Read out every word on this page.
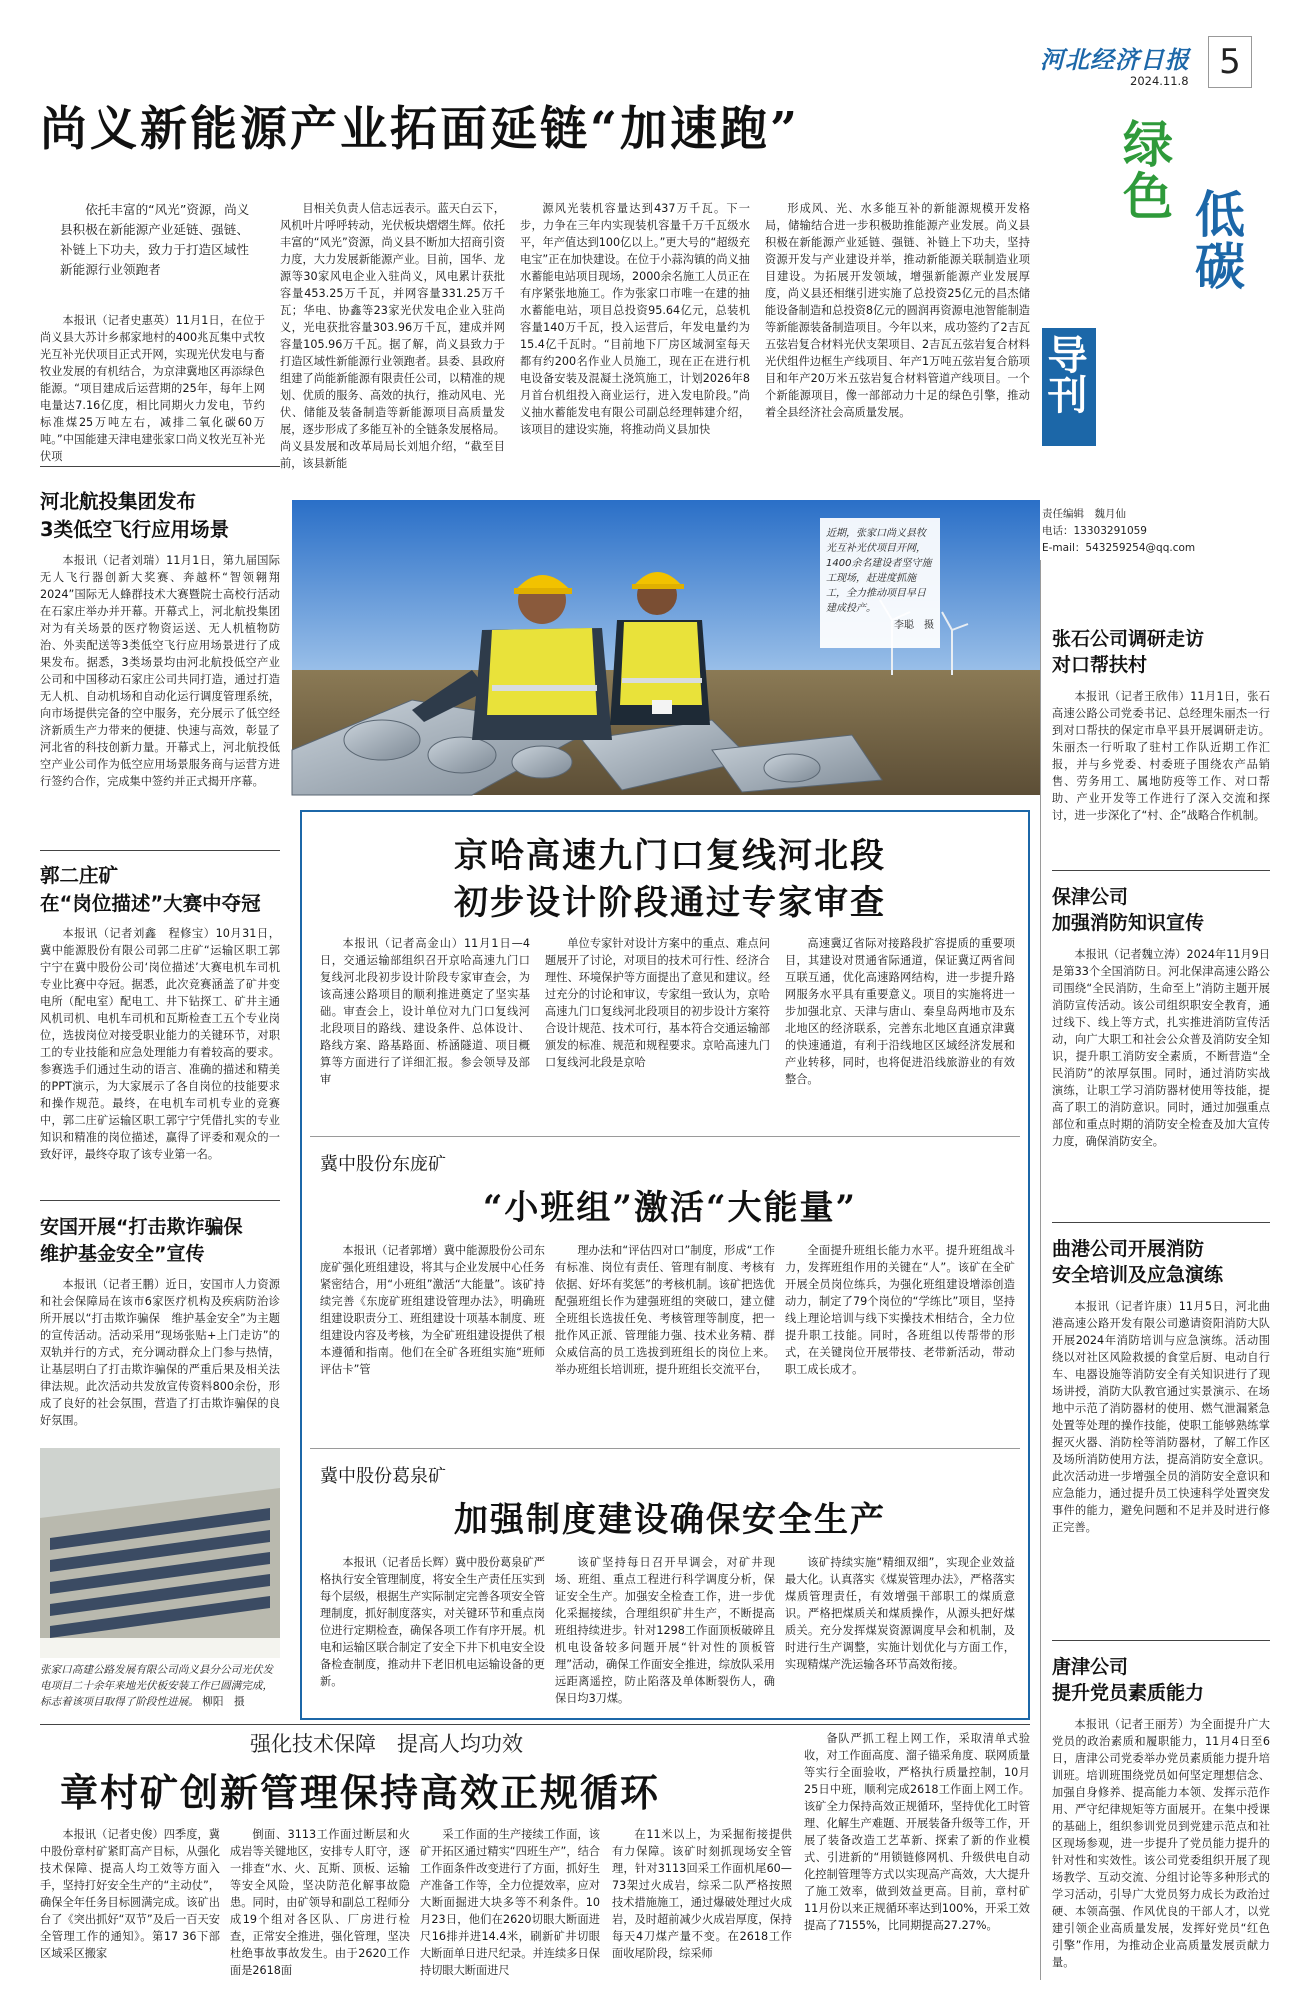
河北经济日报
2024.11.8 5
绿色
低碳
导刊
责任编辑　魏月仙
电话：13303291059
E-mail：543259254@qq.com
尚义新能源产业拓面延链“加速跑”
依托丰富的“风光”资源，尚义县积极在新能源产业延链、强链、补链上下功夫，致力于打造区域性新能源行业领跑者

本报讯（记者史惠英）11月1日，在位于尚义县大苏计乡郝家地村的400兆瓦集中式牧光互补光伏项目正式开网，实现光伏发电与畜牧业发展的有机结合，为京津冀地区再添绿色能源。“项目建成后运营期的25年，每年上网电量达7.16亿度，相比同期火力发电，节约标准煤25万吨左右，减排二氧化碳60万吨。”中国能建天津电建张家口尚义牧光互补光伏项

目相关负责人信志远表示。蓝天白云下，风机叶片呼呼转动，光伏板块熠熠生辉。依托丰富的“风光”资源，尚义县不断加大招商引资力度，大力发展新能源产业。目前，国华、龙源等30家风电企业入驻尚义，风电累计获批容量453.25万千瓦，并网容量331.25万千瓦；华电、协鑫等23家光伏发电企业入驻尚义，光电获批容量303.96万千瓦，建成并网容量105.96万千瓦。据了解，尚义县致力于打造区域性新能源行业领跑者。县委、县政府组建了尚能新能源有限责任公司，以精准的规划、优质的服务、高效的执行，推动风电、光伏、储能及装备制造等新能源项目高质量发展，逐步形成了多能互补的全链条发展格局。尚义县发展和改革局局长刘旭介绍，“截至目前，该县新能

源风光装机容量达到437万千瓦。下一步，力争在三年内实现装机容量千万千瓦级水平，年产值达到100亿以上。”更大号的“超级充电宝”正在加快建设。在位于小蒜沟镇的尚义抽水蓄能电站项目现场，2000余名施工人员正在有序紧张地施工。作为张家口市唯一在建的抽水蓄能电站，项目总投资95.64亿元，总装机容量140万千瓦，投入运营后，年发电量约为15.4亿千瓦时。“目前地下厂房区域洞室每天都有约200名作业人员施工，现在正在进行机电设备安装及混凝土浇筑施工，计划2026年8月首台机组投入商业运行，进入发电阶段。”尚义抽水蓄能发电有限公司副总经理韩建介绍，该项目的建设实施，将推动尚义县加快

形成风、光、水多能互补的新能源规模开发格局，储输结合进一步积极助推能源产业发展。尚义县积极在新能源产业延链、强链、补链上下功夫，坚持资源开发与产业建设并举，推动新能源关联制造业项目建设。为拓展开发领域，增强新能源产业发展厚度，尚义县还相继引进实施了总投资25亿元的昌杰储能设备制造和总投资8亿元的圆润再资源电池智能制造等新能源装备制造项目。今年以来，成功签约了2吉瓦五弦岩复合材料光伏支架项目、2吉瓦五弦岩复合材料光伏组件边框生产线项目、年产1万吨五弦岩复合筋项目和年产20万米五弦岩复合材料管道产线项目。一个个新能源项目，像一部部动力十足的绿色引擎，推动着全县经济社会高质量发展。

近期，张家口尚义县牧光互补光伏项目开网，1400余名建设者坚守施工现场，赶进度抓施工，全力推动项目早日建成投产。
李聪　摄
河北航投集团发布
3类低空飞行应用场景

本报讯（记者刘瑞）11月1日，第九届国际无人飞行器创新大奖赛、奔越杯“智领翱翔2024”国际无人蜂群技术大赛暨院士高校行活动在石家庄举办并开幕。开幕式上，河北航投集团对为有关场景的医疗物资运送、无人机植物防治、外卖配送等3类低空飞行应用场景进行了成果发布。据悉，3类场景均由河北航投低空产业公司和中国移动石家庄公司共同打造，通过打造无人机、自动机场和自动化运行调度管理系统，向市场提供完备的空中服务，充分展示了低空经济新质生产力带来的便捷、快速与高效，彰显了河北省的科技创新力量。开幕式上，河北航投低空产业公司作为低空应用场景服务商与运营方进行签约合作，完成集中签约并正式揭开序幕。

郭二庄矿
在“岗位描述”大赛中夺冠

本报讯（记者刘鑫　程修宝）10月31日，冀中能源股份有限公司郭二庄矿“运输区职工郭宁宁在冀中股份公司‘岗位描述’大赛电机车司机专业比赛中夺冠。据悉，此次竞赛涵盖了矿井变电所（配电室）配电工、井下钻探工、矿井主通风机司机、电机车司机和瓦斯检查工五个专业岗位，选拔岗位对接受职业能力的关键环节，对职工的专业技能和应急处理能力有着较高的要求。参赛选手们通过生动的语言、准确的描述和精美的PPT演示，为大家展示了各自岗位的技能要求和操作规范。最终，在电机车司机专业的竞赛中，郭二庄矿运输区职工郭宁宁凭借扎实的专业知识和精准的岗位描述，赢得了评委和观众的一致好评，最终夺取了该专业第一名。

安国开展“打击欺诈骗保
维护基金安全”宣传

本报讯（记者王鹏）近日，安国市人力资源和社会保障局在该市6家医疗机构及疾病防治诊所开展以“打击欺诈骗保　维护基金安全”为主题的宣传活动。活动采用“现场张贴+上门走访”的双轨并行的方式，充分调动群众上门参与热情，让基层明白了打击欺诈骗保的严重后果及相关法律法规。此次活动共发放宣传资料800余份，形成了良好的社会氛围，营造了打击欺诈骗保的良好氛围。

张家口高建公路发展有限公司尚义县分公司光伏发电项目二十余年来地光伏板安装工作已圆满完成，标志着该项目取得了阶段性进展。 柳阳　摄
京哈高速九门口复线河北段
初步设计阶段通过专家审查

本报讯（记者高金山）11月1日—4日，交通运输部组织召开京哈高速九门口复线河北段初步设计阶段专家审查会，为该高速公路项目的顺利推进奠定了坚实基础。审查会上，设计单位对九门口复线河北段项目的路线、建设条件、总体设计、路线方案、路基路面、桥涵隧道、项目概算等方面进行了详细汇报。参会领导及部审

单位专家针对设计方案中的重点、难点问题展开了讨论，对项目的技术可行性、经济合理性、环境保护等方面提出了意见和建议。经过充分的讨论和审议，专家组一致认为，京哈高速九门口复线河北段项目的初步设计方案符合设计规范、技术可行，基本符合交通运输部颁发的标准、规范和规程要求。京哈高速九门口复线河北段是京哈

高速冀辽省际对接路段扩容提质的重要项目，其建设对贯通省际通道，保证冀辽两省间互联互通，优化高速路网结构，进一步提升路网服务水平具有重要意义。项目的实施将进一步加强北京、天津与唐山、秦皇岛两地市及东北地区的经济联系，完善东北地区直通京津冀的快速通道，有利于沿线地区区域经济发展和产业转移，同时，也将促进沿线旅游业的有效整合。

冀中股份东庞矿
“小班组”激活“大能量”

本报讯（记者郭增）冀中能源股份公司东庞矿强化班组建设，将其与企业发展中心任务紧密结合，用“小班组”激活“大能量”。该矿持续完善《东庞矿班组建设管理办法》，明确班组建设职责分工、班组建设十项基本制度、班组建设内容及考核，为全矿班组建设提供了根本遵循和指南。他们在全矿各班组实施“班师评估卡”管

理办法和“评估四对口”制度，形成“工作有标准、岗位有责任、管理有制度、考核有依据、好坏有奖惩”的考核机制。该矿把选优配强班组长作为建强班组的突破口，建立健全班组长选拔任免、考核管理等制度，把一批作风正派、管理能力强、技术业务精、群众威信高的员工选拔到班组长的岗位上来。举办班组长培训班，提升班组长交流平台，

全面提升班组长能力水平。提升班组战斗力，发挥班组作用的关键在“人”。该矿在全矿开展全员岗位练兵，为强化班组建设增添创造动力，制定了79个岗位的“学练比”项目，坚持线上理论培训与线下实操技术相结合，全力位提升职工技能。同时，各班组以传帮带的形式，在关键岗位开展带技、老带新活动，带动职工成长成才。

冀中股份葛泉矿
加强制度建设确保安全生产

本报讯（记者岳长辉）冀中股份葛泉矿严格执行安全管理制度，将安全生产责任压实到每个层级，根据生产实际制定完善各项安全管理制度，抓好制度落实，对关键环节和重点岗位进行定期检查，确保各项工作有序开展。机电和运输区联合制定了安全下井下机电安全设备检查制度，推动井下老旧机电运输设备的更新。

该矿坚持每日召开早调会，对矿井现场、班组、重点工程进行科学调度分析，保证安全生产。加强安全检查工作，进一步优化采掘接续，合理组织矿井生产，不断提高班组持续进步。针对1298工作面顶板破碎且机电设备较多问题开展“针对性的顶板管理”活动，确保工作面安全推进，综放队采用远距离遥控，防止陷落及单体断裂伤人，确保日均3刀煤。

该矿持续实施“精细双细”，实现企业效益最大化。认真落实《煤炭管理办法》，严格落实煤质管理责任，有效增强干部职工的煤质意识。严格把煤质关和煤质操作，从源头把好煤质关。充分发挥煤炭资源调度早会和机制，及时进行生产调整，实施计划优化与方面工作，实现精煤产洗运输各环节高效衔接。

强化技术保障　提高人均功效
章村矿创新管理保持高效正规循环

本报讯（记者史俊）四季度，冀中股份章村矿紧盯高产目标，从强化技术保障、提高人均工效等方面入手，坚持打好安全生产的“主动仗”，确保全年任务目标圆满完成。该矿出台了《突出抓好“双节”及后一百天安全管理工作的通知》。第17 36下部区域采区搬家

倒面、3113工作面过断层和火成岩等关键地区，安排专人盯守，逐一排查“水、火、瓦斯、顶板、运输等安全风险，坚决防范化解事故隐患。同时，由矿领导和副总工程师分成19个组对各区队、厂房进行检查，正常安全推进，强化管理，坚决杜绝事故事故发生。由于2620工作面是2618面

采工作面的生产接续工作面，该矿开拓区通过精实“四班生产”，结合工作面条件改变进行了方面，抓好生产准备工作等，全力位提效率，应对大断面掘进大块多等不利条件。10月23日，他们在2620切眼大断面进尺16排并进14.4米，刷新矿井切眼大断面单日进尺纪录。并连续多日保持切眼大断面进尺

在11米以上，为采掘衔接提供有力保障。该矿时刻抓现场安全管理，针对3113回采工作面机尾60—73架过火成岩，综采二队严格按照技术措施施工，通过爆破处理过火成岩，及时超前减少火成岩厚度，保持每天4刀煤产量不变。在2618工作面收尾阶段，综采师

备队严抓工程上网工作，采取清单式验收，对工作面高度、溜子锚采角度、联网质量等实行全面验收，严格执行质量控制，10月25日中班，顺利完成2618工作面上网工作。该矿全力保持高效正规循环，坚持优化工时管理、化解生产难题、开展装备升级等工作，开展了装备改造工艺革新、探索了新的作业模式、引进新的“用锁链修网机、升级供电自动化控制管理等方式以实现高产高效，大大提升了施工效率，做到效益更高。目前，章村矿11月份以来正规循环率达到100%，开采工效提高了7155%，比同期提高27.27%。

张石公司调研走访
对口帮扶村

本报讯（记者王欣伟）11月1日，张石高速公路公司党委书记、总经理朱丽杰一行到对口帮扶的保定市阜平县开展调研走访。朱丽杰一行听取了驻村工作队近期工作汇报，并与乡党委、村委班子围绕农产品销售、劳务用工、属地防疫等工作、对口帮助、产业开发等工作进行了深入交流和探讨，进一步深化了“村、企”战略合作机制。

保津公司
加强消防知识宣传

本报讯（记者魏立涛）2024年11月9日是第33个全国消防日。河北保津高速公路公司围绕“全民消防，生命至上”消防主题开展消防宣传活动。该公司组织职安全教育，通过线下、线上等方式，扎实推进消防宣传活动，向广大职工和社会公众普及消防安全知识，提升职工消防安全素质，不断营造“全民消防”的浓厚氛围。同时，通过消防实战演练，让职工学习消防器材使用等技能，提高了职工的消防意识。同时，通过加强重点部位和重点时期的消防安全检查及加大宣传力度，确保消防安全。

曲港公司开展消防
安全培训及应急演练

本报讯（记者许康）11月5日，河北曲港高速公路开发有限公司邀请资阳消防大队开展2024年消防培训与应急演练。活动围绕以对社区风险救援的食堂后厨、电动自行车、电器设施等消防安全有关知识进行了现场讲授，消防大队教官通过实景演示、在场地中示范了消防器材的使用、燃气泄漏紧急处置等处理的操作技能，使职工能够熟练掌握灭火器、消防栓等消防器材，了解工作区及场所消防使用方法，提高消防安全意识。此次活动进一步增强全员的消防安全意识和应急能力，通过提升员工快速科学处置突发事件的能力，避免问题和不足并及时进行修正完善。

唐津公司
提升党员素质能力

本报讯（记者王丽芳）为全面提升广大党员的政治素质和履职能力，11月4日至6日，唐津公司党委举办党员素质能力提升培训班。培训班围绕党员如何坚定理想信念、加强自身修养、提高能力本领、发挥示范作用、严守纪律规矩等方面展开。在集中授课的基础上，组织参训党员到党建示范点和社区现场参观，进一步提升了党员能力提升的针对性和实效性。该公司党委组织开展了现场教学、互动交流、分组讨论等多种形式的学习活动，引导广大党员努力成长为政治过硬、本领高强、作风优良的干部人才，以党建引领企业高质量发展，发挥好党员“红色引擎”作用，为推动企业高质量发展贡献力量。
